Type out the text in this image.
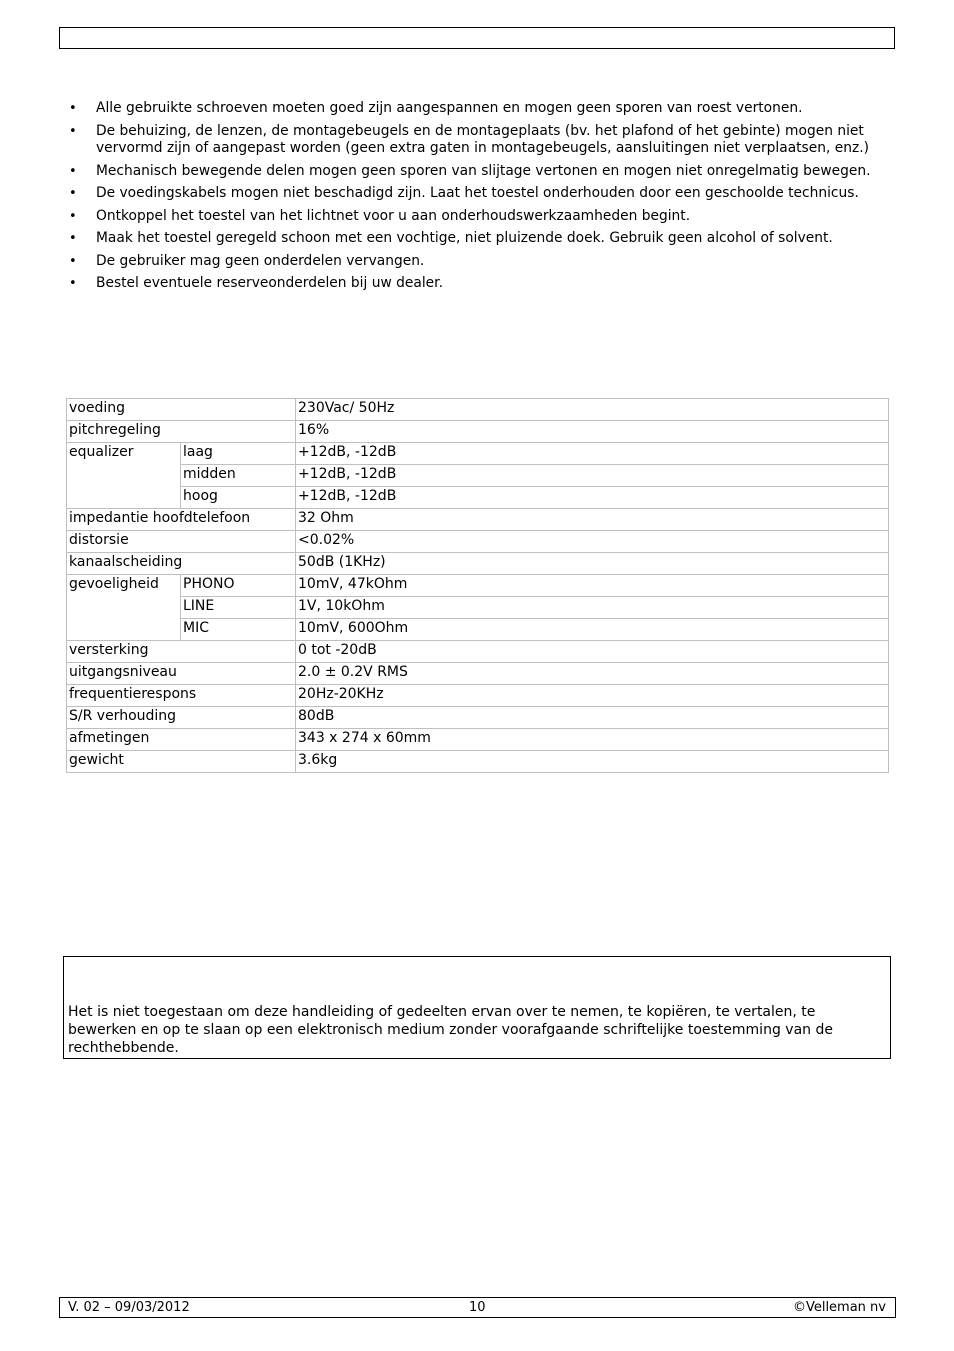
• Alle gebruikte schroeven moeten goed zijn aangespannen en mogen geen sporen van roest vertonen.
• De behuizing, de lenzen, de montagebeugels en de montageplaats (bv. het plafond of het gebinte) mogen niet vervormd zijn of aangepast worden (geen extra gaten in montagebeugels, aansluitingen niet verplaatsen, enz.)
• Mechanisch bewegende delen mogen geen sporen van slijtage vertonen en mogen niet onregelmatig bewegen.
• De voedingskabels mogen niet beschadigd zijn. Laat het toestel onderhouden door een geschoolde technicus.
• Ontkoppel het toestel van het lichtnet voor u aan onderhoudswerkzaamheden begint.
• Maak het toestel geregeld schoon met een vochtige, niet pluizende doek. Gebruik geen alcohol of solvent.
• De gebruiker mag geen onderdelen vervangen.
• Bestel eventuele reserveonderdelen bij uw dealer.
voeding		230Vac/ 50Hz
pitchregeling		16%
equalizer	laag	+12dB, -12dB
	midden	+12dB, -12dB
	hoog	+12dB, -12dB
impedantie hoofdtelefoon		32 Ohm
distorsie		<0.02%
kanaalscheiding		50dB (1KHz)
gevoeligheid	PHONO	10mV, 47kOhm
	LINE	1V, 10kOhm
	MIC	10mV, 600Ohm
versterking		0 tot -20dB
uitgangsniveau		2.0 ± 0.2V RMS
frequentierespons		20Hz-20KHz
S/R verhouding		80dB
afmetingen		343 x 274 x 60mm
gewicht		3.6kg
Het is niet toegestaan om deze handleiding of gedeelten ervan over te nemen, te kopiëren, te vertalen, te bewerken en op te slaan op een elektronisch medium zonder voorafgaande schriftelijke toestemming van de rechthebbende.
V. 02 – 09/03/2012	10	©Velleman nv
